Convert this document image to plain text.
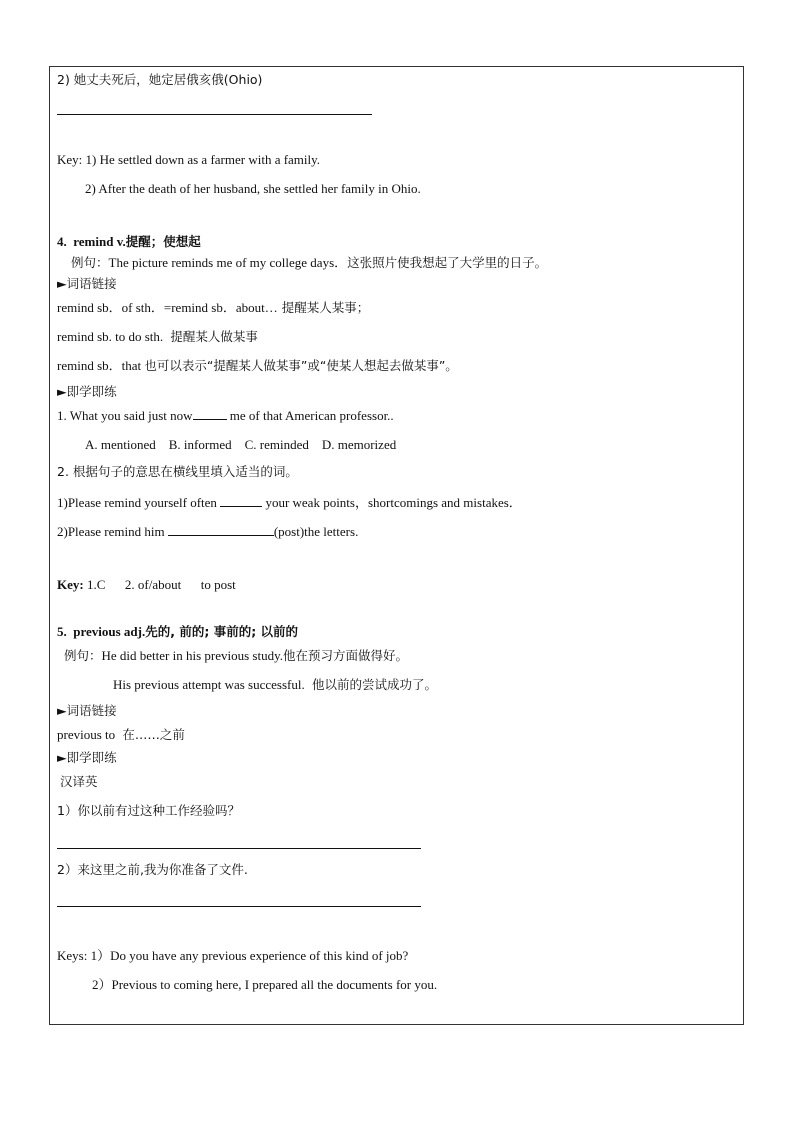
2) 她丈夫死后，她定居俄亥俄(Ohio)
Key: 1) He settled down as a farmer with a family.
2) After the death of her husband, she settled her family in Ohio.
4.  remind v.提醒；使想起
例句：The picture reminds me of my college days．这张照片使我想起了大学里的日子。
►词语链接
remind sb．of sth．=remind sb．about… 提醒某人某事；
remind sb. to do sth.  提醒某人做某事
remind sb．that 也可以表示“提醒某人做某事”或“使某人想起去做某事”。
►即学即练
1. What you said just now	me of that American professor..
A. mentioned    B. informed    C. reminded    D. memorized
2. 根据句子的意思在横线里填入适当的词。
1)Please remind yourself often	your weak points，shortcomings and mistakes．
2)Please remind him	(post)the letters.
Key: 1.C      2. of/about      to post
5.  previous adj.先的, 前的; 事前的; 以前的
例句：He did better in his previous study.他在预习方面做得好。
His previous attempt was successful.  他以前的尝试成功了。
►词语链接
previous to  在……之前
►即学即练
汉译英
1）你以前有过这种工作经验吗？
2）来这里之前,我为你准备了文件.
Keys: 1）Do you have any previous experience of this kind of job?
2）Previous to coming here, I prepared all the documents for you.
